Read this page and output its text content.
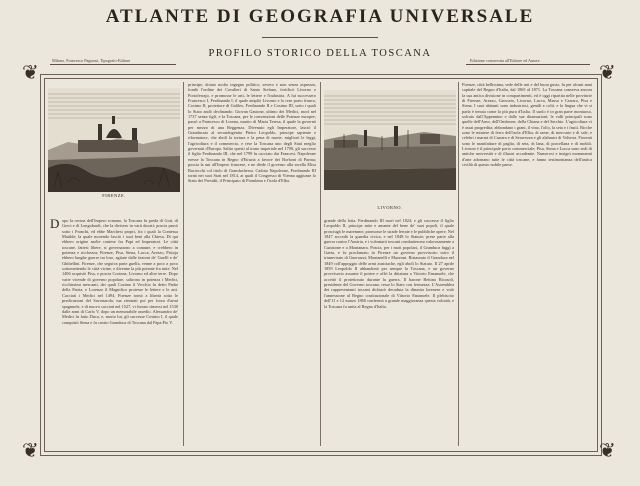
ATLANTE DI GEOGRAFIA UNIVERSALE
PROFILO STORICO DELLA TOSCANA
Milano, Francesco Pagnoni, Tipografo-Editore	Edizione conservata all'Editore ed Autore
❦	❦
❦	❦
FIRENZE.
LIVORNO.
D opo la rovina dell'Impero romano, la Toscana fu preda di Goti, di Greci e di Longobardi, che la divisero in varii ducati; poscia passò sotto i Franchi, ed ebbe Marchesi propri, fra i quali la Contessa Matilde, la quale morendo lasciò i suoi beni alla Chiesa. Di qui ebbero origine molte contese fra Papi ed Imperatori. Le città toscane, fattesi libere, si governarono a comune, e crebbero in potenza e ricchezza; Firenze, Pisa, Siena, Lucca, Arezzo, Pistoja ebbero lunghe guerre tra loro, agitate dalle fazioni de' Guelfi e de' Ghibellini. Firenze, che seguiva parte guelfa, venne a poco a poco sottomettendo le città vicine, e divenne la più potente fra tutte. Nel 1406 acquistò Pisa, e poscia Cortona, Livorno ed altre terre. Dopo varie vicende di governo popolare, salirono in potenza i Medici, ricchissimi mercanti, dei quali Cosimo il Vecchio fu detto Padre della Patria, e Lorenzo il Magnifico protesse le lettere e le arti. Cacciati i Medici nel 1494, Firenze tornò a libertà sotto le predicazioni del Savonarola; ma rientrati poi per forza d'armi spagnuole, e di nuovo cacciati nel 1527, vi furono rimessi nel 1530 dalle armi di Carlo V, dopo un memorabile assedio. Alessandro de' Medici fu fatto Duca, e, morto lui, gli successe Cosimo I, il quale conquistò Siena e fu creato Granduca di Toscana dal Papa Pio V.

principe, dotato molto ingegno politico, severo e non senza asprezza, fondò l'ordine dei Cavalieri di Santo Stefano, fortificò Livorno e Portoferrajo, e promosse le arti, le lettere e l'industria. A lui successero Francesco I, Ferdinando I, il quale ampliò Livorno e lo rese porto franco, Cosimo II, protettore di Galileo, Ferdinando II e Cosimo III, sotto i quali lo Stato andò declinando. Giovan Gastone, ultimo dei Medici, morì nel 1737 senza figli, e la Toscana, per le convenzioni delle Potenze europee, passò a Francesco di Lorena, marito di Maria Teresa, il quale la governò per mezzo di una Reggenza. Divenuto egli Imperatore, lasciò il Granducato al secondogenito Pietro Leopoldo, principe sapiente e riformatore, che abolì la tortura e la pena di morte, migliorò le leggi, l'agricoltura e il commercio, e rese la Toscana uno degli Stati meglio governati d'Europa. Salito questi al trono imperiale nel 1790, gli successe il figlio Ferdinando III, che nel 1799 fu cacciato dai Francesi. Napoleone eresse la Toscana in Regno d'Etruria a favore dei Borboni di Parma; poscia la uni all'Impero francese, e ne diede il governo alla sorella Elisa Baciocchi col titolo di Granduchessa. Caduto Napoleone, Ferdinando III tornò nei suoi Stati nel 1814, ai quali il Congresso di Vienna aggiunse lo Stato dei Presidii, il Principato di Piombino e l'isola d'Elba.

grande della lotta. Ferdinando III morì nel 1824, e gli successe il figlio Leopoldo II, principe mite e amante del bene de' suoi popoli, il quale prosciugò le maremme, promosse le strade ferrate e le pubbliche opere. Nel 1847 accordò la guardia civica, e nel 1848 lo Statuto; prese parte alla guerra contro l'Austria, e i volontarii toscani combatterono valorosamente a Curtatone e a Montanara. Poscia, per i moti popolari, il Granduca fuggì a Gaeta, e fu proclamato in Firenze un governo provvisorio sotto il triumvirato di Guerrazzi, Montanelli e Mazzoni. Ristaurato il Granduca nel 1849 coll'appoggio delle armi austriache, egli abolì lo Statuto. Il 27 aprile 1859 Leopoldo II abbandonò per sempre la Toscana, e un governo provvisorio assunse il potere e offrì la dittatura a Vittorio Emanuele, che accettò il protettorato durante la guerra. Il barone Bettino Ricasoli, presidente del Governo toscano, resse lo Stato con fermezza. L'Assemblea dei rappresentanti toscani dichiarò decaduta la dinastia lorenese e votò l'annessione al Regno costituzionale di Vittorio Emanuele. Il plebiscito dell'11 e 12 marzo 1860 confermò a grande maggioranza questa volontà, e la Toscana fu unita al Regno d'Italia.

Firenze, città bellissima, sede delle arti e del buon gusto, fu per alcuni anni capitale del Regno d'Italia, dal 1865 al 1871. La Toscana conserva ancora la sua antica divisione in compartimenti, ed è oggi ripartita nelle provincie di Firenze, Arezzo, Grosseto, Livorno, Lucca, Massa e Carrara, Pisa e Siena. I suoi abitanti sono industriosi, gentili e colti, e la lingua che vi si parla è tenuta come la più pura d'Italia. Il suolo è in gran parte montuoso, solcato dall'Appennino e dalle sue diramazioni; le valli principali sono quelle dell'Arno, dell'Ombrone, della Chiana e del Serchio. L'agricoltura vi è assai progredita; abbondano i grani, il vino, l'olio, la seta e i frutti. Ricche sono le miniere di ferro dell'isola d'Elba, di rame, di mercurio e di sale, e celebri i marmi di Carrara e di Seravezza e gli alabastri di Volterra. Fiorenti sono le manifatture di paglia, di seta, di lana, di porcellana e di mobili. Livorno è il principale porto commerciale; Pisa, Siena e Lucca sono sedi di antiche università e di illustri accademie. Numerosi e insigni monumenti d'arte adornano tutte le città toscane, e fanno testimonianza dell'antica civiltà di questo nobile paese.
